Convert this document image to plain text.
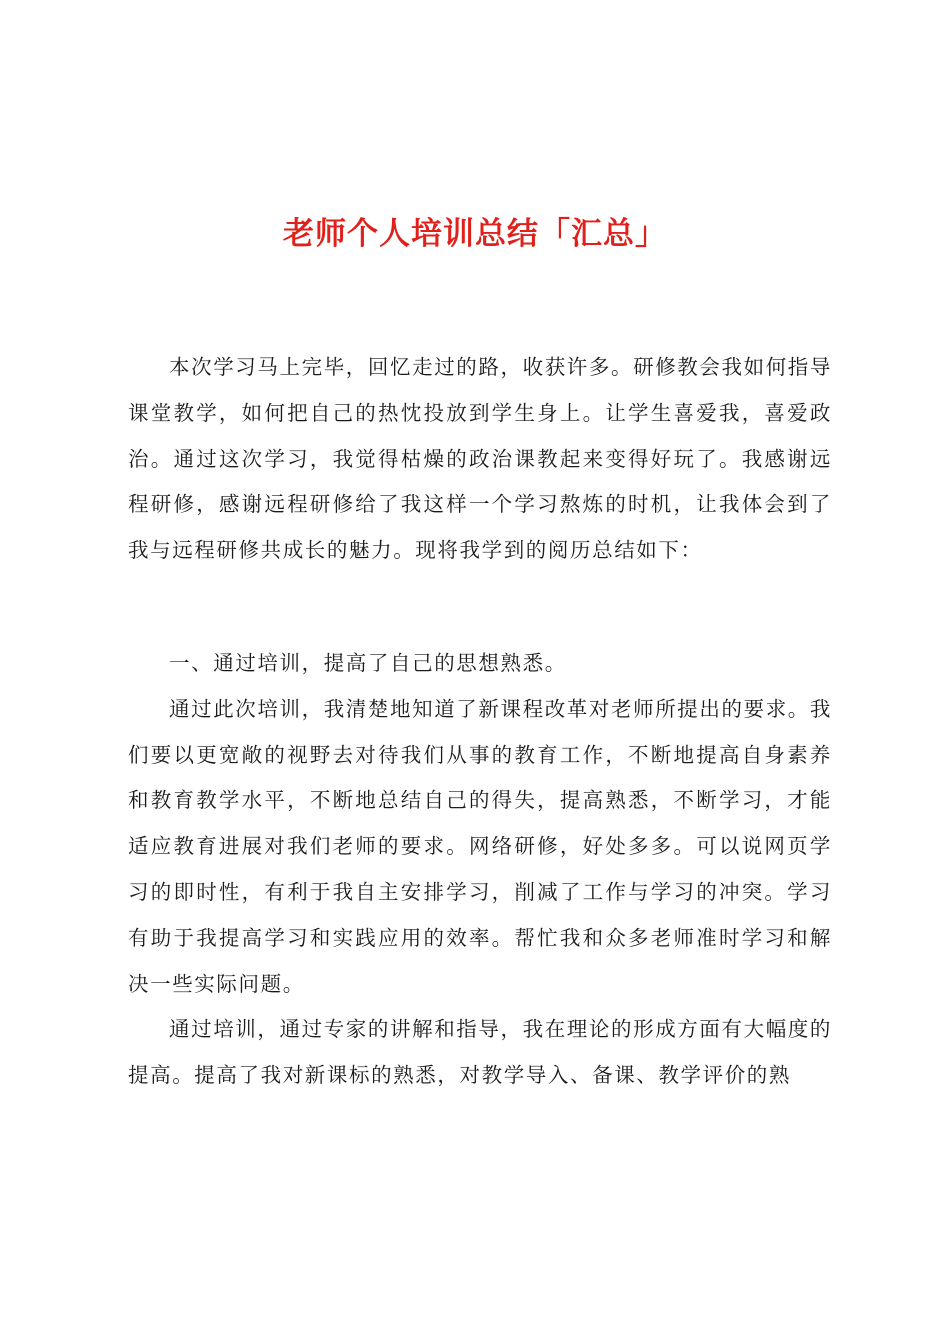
老师个人培训总结「汇总」

本次学习马上完毕，回忆走过的路，收获许多。研修教会我如何指导课堂教学，如何把自己的热忱投放到学生身上。让学生喜爱我，喜爱政治。通过这次学习，我觉得枯燥的政治课教起来变得好玩了。我感谢远程研修，感谢远程研修给了我这样一个学习熬炼的时机，让我体会到了我与远程研修共成长的魅力。现将我学到的阅历总结如下：

一、通过培训，提高了自己的思想熟悉。

通过此次培训，我清楚地知道了新课程改革对老师所提出的要求。我们要以更宽敞的视野去对待我们从事的教育工作，不断地提高自身素养和教育教学水平，不断地总结自己的得失，提高熟悉，不断学习，才能适应教育进展对我们老师的要求。网络研修，好处多多。可以说网页学习的即时性，有利于我自主安排学习，削减了工作与学习的冲突。学习有助于我提高学习和实践应用的效率。帮忙我和众多老师准时学习和解决一些实际问题。

通过培训，通过专家的讲解和指导，我在理论的形成方面有大幅度的提高。提高了我对新课标的熟悉，对教学导入、备课、教学评价的熟
